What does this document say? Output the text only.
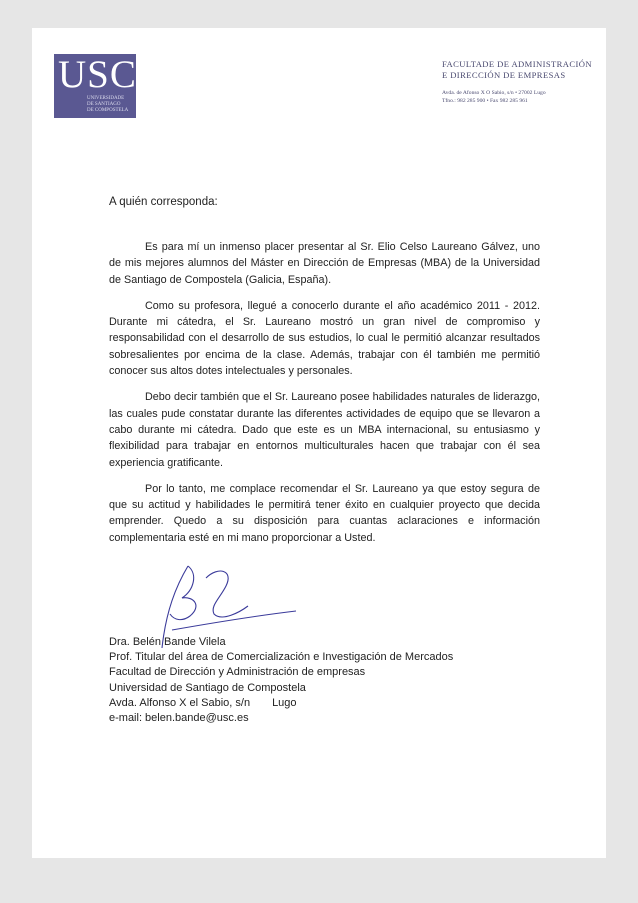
USC
UNIVERSIDADE
DE SANTIAGO
DE COMPOSTELA
FACULTADE DE ADMINISTRACIÓN
E DIRECCIÓN DE EMPRESAS
Avda. de Afonso X O Sabio, s/n • 27002 Lugo
Tfno.: 982 285 900 • Fax 982 285 961
A quién corresponda:

Es para mí un inmenso placer presentar al Sr. Elio Celso Laureano Gálvez, uno de mis mejores alumnos del Máster en Dirección de Empresas (MBA) de la Universidad de Santiago de Compostela (Galicia, España).

Como su profesora, llegué a conocerlo durante el año académico 2011 - 2012. Durante mi cátedra, el Sr. Laureano mostró un gran nivel de compromiso y responsabilidad con el desarrollo de sus estudios, lo cual le permitió alcanzar resultados sobresalientes por encima de la clase. Además, trabajar con él también me permitió conocer sus altos dotes intelectuales y personales.

Debo decir también que el Sr. Laureano posee habilidades naturales de liderazgo, las cuales pude constatar durante las diferentes actividades de equipo que se llevaron a cabo durante mi cátedra. Dado que este es un MBA internacional, su entusiasmo y flexibilidad para trabajar en entornos multiculturales hacen que trabajar con él sea experiencia gratificante.

Por lo tanto, me complace recomendar el Sr. Laureano ya que estoy segura de que su actitud y habilidades le permitirá tener éxito en cualquier proyecto que decida emprender. Quedo a su disposición para cuantas aclaraciones e información complementaria esté en mi mano proporcionar a Usted.

Dra. Belén Bande Vilela
Prof. Titular del área de Comercialización e Investigación de Mercados
Facultad de Dirección y Administración de empresas
Universidad de Santiago de Compostela
Avda. Alfonso X el Sabio, s/n Lugo
e-mail: belen.bande@usc.es
